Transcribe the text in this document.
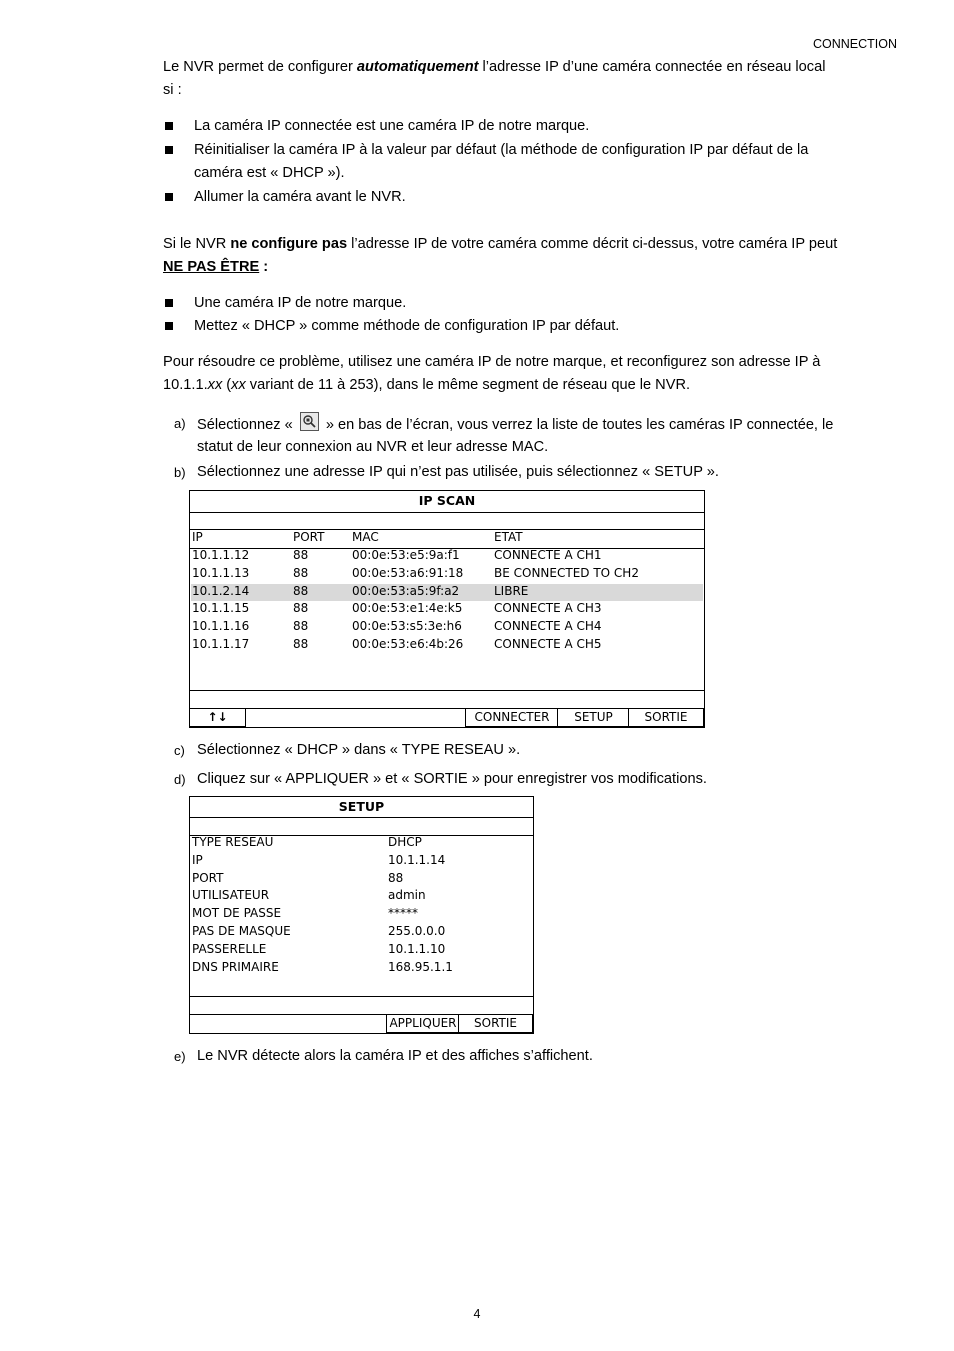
CONNECTION
Le NVR permet de configurer automatiquement l’adresse IP d’une caméra connectée en réseau local
si :
La caméra IP connectée est une caméra IP de notre marque.
Réinitialiser la caméra IP à la valeur par défaut (la méthode de configuration IP par défaut de la
caméra est « DHCP »).
Allumer la caméra avant le NVR.
Si le NVR ne configure pas l’adresse IP de votre caméra comme décrit ci-dessus, votre caméra IP peut
NE PAS ÊTRE :
Une caméra IP de notre marque.
Mettez « DHCP » comme méthode de configuration IP par défaut.
Pour résoudre ce problème, utilisez une caméra IP de notre marque, et reconfigurez son adresse IP à
10.1.1.xx (xx variant de 11 à 253), dans le même segment de réseau que le NVR.
a) Sélectionnez «
» en bas de l’écran, vous verrez la liste de toutes les caméras IP connectée, le
statut de leur connexion au NVR et leur adresse MAC.
b) Sélectionnez une adresse IP qui n’est pas utilisée, puis sélectionnez « SETUP ».
IP SCAN
IP	PORT MAC	ETAT
10.1.1.12	88	00:0e:53:e5:9a:f1	CONNECTE A CH1
10.1.1.13	88	00:0e:53:a6:91:18	BE CONNECTED TO CH2
10.1.2.14	88	00:0e:53:a5:9f:a2	LIBRE
10.1.1.15	88	00:0e:53:e1:4e:k5	CONNECTE A CH3
10.1.1.16	88	00:0e:53:s5:3e:h6	CONNECTE A CH4
10.1.1.17	88	00:0e:53:e6:4b:26	CONNECTE A CH5
↑↓	CONNECTER	SETUP	SORTIE
c) Sélectionnez « DHCP » dans « TYPE RESEAU ».
d) Cliquez sur « APPLIQUER » et « SORTIE » pour enregistrer vos modifications.
SETUP
TYPE RESEAU	DHCP
IP	10.1.1.14
PORT	88
UTILISATEUR	admin
MOT DE PASSE	*****
PAS DE MASQUE	255.0.0.0
PASSERELLE	10.1.1.10
DNS PRIMAIRE	168.95.1.1
APPLIQUER	SORTIE
e) Le NVR détecte alors la caméra IP et des affiches s’affichent.
4
